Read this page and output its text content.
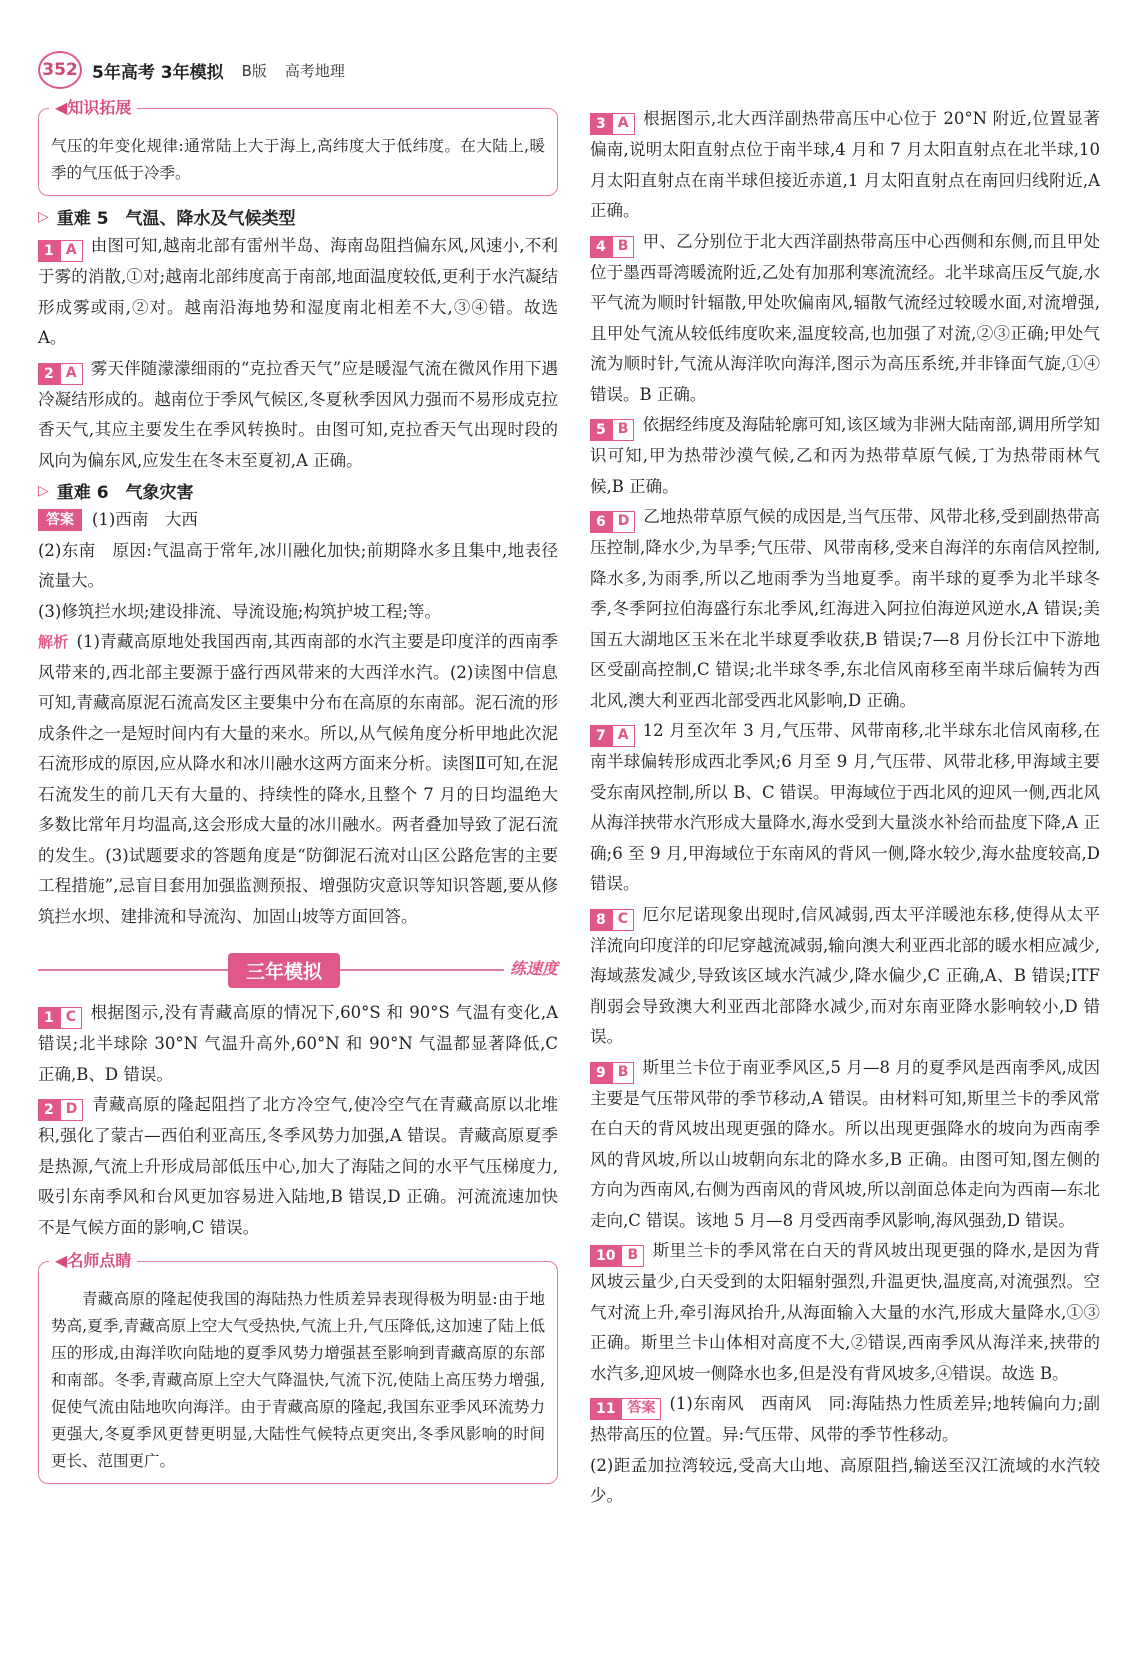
352 5年高考 3年模拟 B版 高考地理
◀知识拓展

气压的年变化规律:通常陆上大于海上,高纬度大于低纬度。在大陆上,暖季的气压低于冷季。

▷ 重难 5　气温、降水及气候类型

1 A 由图可知,越南北部有雷州半岛、海南岛阻挡偏东风,风速小,不利于雾的消散,①对;越南北部纬度高于南部,地面温度较低,更利于水汽凝结形成雾或雨,②对。越南沿海地势和湿度南北相差不大,③④错。故选 A。

2 A 雾天伴随濛濛细雨的“克拉香天气”应是暖湿气流在微风作用下遇冷凝结形成的。越南位于季风气候区,冬夏秋季因风力强而不易形成克拉香天气,其应主要发生在季风转换时。由图可知,克拉香天气出现时段的风向为偏东风,应发生在冬末至夏初,A 正确。

▷ 重难 6　气象灾害

答案 (1)西南　大西

(2)东南　原因:气温高于常年,冰川融化加快;前期降水多且集中,地表径流量大。

(3)修筑拦水坝;建设排流、导流设施;构筑护坡工程;等。

解析 (1)青藏高原地处我国西南,其西南部的水汽主要是印度洋的西南季风带来的,西北部主要源于盛行西风带来的大西洋水汽。(2)读图中信息可知,青藏高原泥石流高发区主要集中分布在高原的东南部。泥石流的形成条件之一是短时间内有大量的来水。所以,从气候角度分析甲地此次泥石流形成的原因,应从降水和冰川融水这两方面来分析。读图Ⅱ可知,在泥石流发生的前几天有大量的、持续性的降水,且整个 7 月的日均温绝大多数比常年月均温高,这会形成大量的冰川融水。两者叠加导致了泥石流的发生。(3)试题要求的答题角度是“防御泥石流对山区公路危害的主要工程措施”,忌盲目套用加强监测预报、增强防灾意识等知识答题,要从修筑拦水坝、建排流和导流沟、加固山坡等方面回答。

三年模拟	练速度

1 C 根据图示,没有青藏高原的情况下,60°S 和 90°S 气温有变化,A 错误;北半球除 30°N 气温升高外,60°N 和 90°N 气温都显著降低,C 正确,B、D 错误。

2 D 青藏高原的隆起阻挡了北方冷空气,使冷空气在青藏高原以北堆积,强化了蒙古—西伯利亚高压,冬季风势力加强,A 错误。青藏高原夏季是热源,气流上升形成局部低压中心,加大了海陆之间的水平气压梯度力,吸引东南季风和台风更加容易进入陆地,B 错误,D 正确。河流流速加快不是气候方面的影响,C 错误。

◀名师点睛

青藏高原的隆起使我国的海陆热力性质差异表现得极为明显:由于地势高,夏季,青藏高原上空大气受热快,气流上升,气压降低,这加速了陆上低压的形成,由海洋吹向陆地的夏季风势力增强甚至影响到青藏高原的东部和南部。冬季,青藏高原上空大气降温快,气流下沉,使陆上高压势力增强,促使气流由陆地吹向海洋。由于青藏高原的隆起,我国东亚季风环流势力更强大,冬夏季风更替更明显,大陆性气候特点更突出,冬季风影响的时间更长、范围更广。

3 A 根据图示,北大西洋副热带高压中心位于 20°N 附近,位置显著偏南,说明太阳直射点位于南半球,4 月和 7 月太阳直射点在北半球,10 月太阳直射点在南半球但接近赤道,1 月太阳直射点在南回归线附近,A 正确。

4 B 甲、乙分别位于北大西洋副热带高压中心西侧和东侧,而且甲处位于墨西哥湾暖流附近,乙处有加那利寒流流经。北半球高压反气旋,水平气流为顺时针辐散,甲处吹偏南风,辐散气流经过较暖水面,对流增强,且甲处气流从较低纬度吹来,温度较高,也加强了对流,②③正确;甲处气流为顺时针,气流从海洋吹向海洋,图示为高压系统,并非锋面气旋,①④错误。B 正确。

5 B 依据经纬度及海陆轮廓可知,该区域为非洲大陆南部,调用所学知识可知,甲为热带沙漠气候,乙和丙为热带草原气候,丁为热带雨林气候,B 正确。

6 D 乙地热带草原气候的成因是,当气压带、风带北移,受到副热带高压控制,降水少,为旱季;气压带、风带南移,受来自海洋的东南信风控制,降水多,为雨季,所以乙地雨季为当地夏季。南半球的夏季为北半球冬季,冬季阿拉伯海盛行东北季风,红海进入阿拉伯海逆风逆水,A 错误;美国五大湖地区玉米在北半球夏季收获,B 错误;7—8 月份长江中下游地区受副高控制,C 错误;北半球冬季,东北信风南移至南半球后偏转为西北风,澳大利亚西北部受西北风影响,D 正确。

7 A 12 月至次年 3 月,气压带、风带南移,北半球东北信风南移,在南半球偏转形成西北季风;6 月至 9 月,气压带、风带北移,甲海域主要受东南风控制,所以 B、C 错误。甲海域位于西北风的迎风一侧,西北风从海洋挟带水汽形成大量降水,海水受到大量淡水补给而盐度下降,A 正确;6 至 9 月,甲海域位于东南风的背风一侧,降水较少,海水盐度较高,D 错误。

8 C 厄尔尼诺现象出现时,信风减弱,西太平洋暖池东移,使得从太平洋流向印度洋的印尼穿越流减弱,输向澳大利亚西北部的暖水相应减少,海域蒸发减少,导致该区域水汽减少,降水偏少,C 正确,A、B 错误;ITF 削弱会导致澳大利亚西北部降水减少,而对东南亚降水影响较小,D 错误。

9 B 斯里兰卡位于南亚季风区,5 月—8 月的夏季风是西南季风,成因主要是气压带风带的季节移动,A 错误。由材料可知,斯里兰卡的季风常在白天的背风坡出现更强的降水。所以出现更强降水的坡向为西南季风的背风坡,所以山坡朝向东北的降水多,B 正确。由图可知,图左侧的方向为西南风,右侧为西南风的背风坡,所以剖面总体走向为西南—东北走向,C 错误。该地 5 月—8 月受西南季风影响,海风强劲,D 错误。

10 B 斯里兰卡的季风常在白天的背风坡出现更强的降水,是因为背风坡云量少,白天受到的太阳辐射强烈,升温更快,温度高,对流强烈。空气对流上升,牵引海风抬升,从海面输入大量的水汽,形成大量降水,①③正确。斯里兰卡山体相对高度不大,②错误,西南季风从海洋来,挟带的水汽多,迎风坡一侧降水也多,但是没有背风坡多,④错误。故选 B。

11 答案 (1)东南风　西南风　同:海陆热力性质差异;地转偏向力;副热带高压的位置。异:气压带、风带的季节性移动。

(2)距孟加拉湾较远,受高大山地、高原阻挡,输送至汉江流域的水汽较少。
